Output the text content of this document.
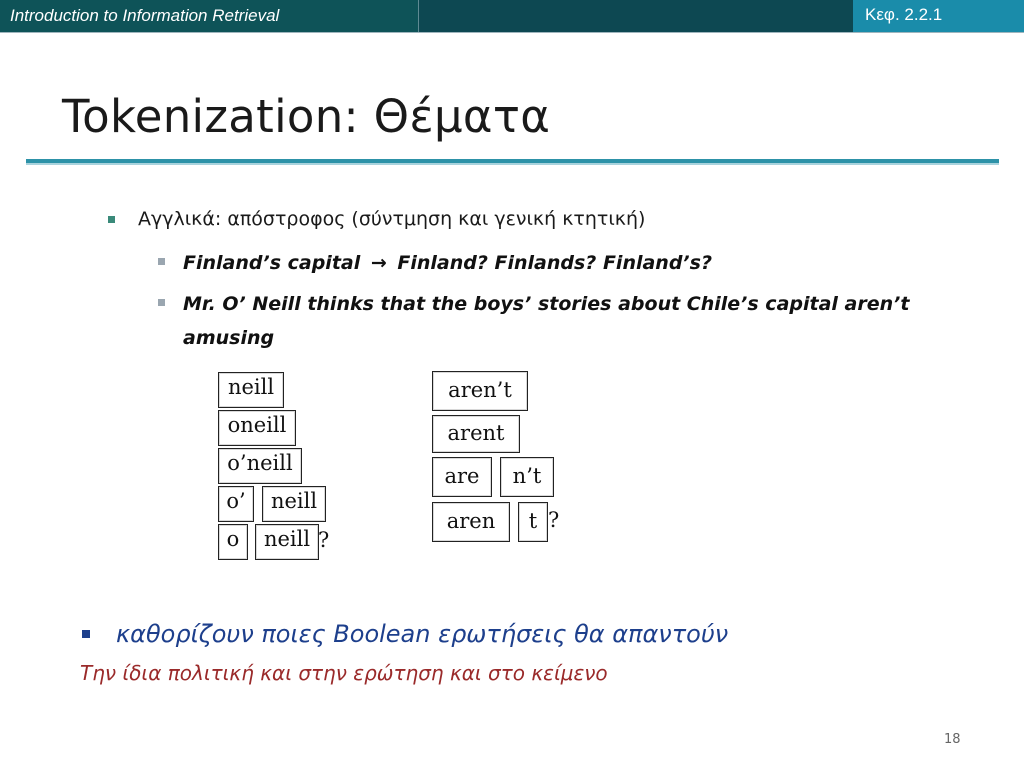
Introduction to Information Retrieval	Κεφ. 2.2.1
Tokenization: Θέματα
Αγγλικά: απόστροφος (σύντμηση και γενική κτητική)
Finland’s capital → Finland? Finlands? Finland’s?
Mr. O’ Neill thinks that the boys’ stories about Chile’s capital aren’t amusing
neill
oneill
o’neill
o’	neill
o	neill ?
aren’t
arent
are	n’t
aren	t ?
καθορίζουν ποιες Boolean ερωτήσεις θα απαντούν
Την ίδια πολιτική και στην ερώτηση και στο κείμενο
18
